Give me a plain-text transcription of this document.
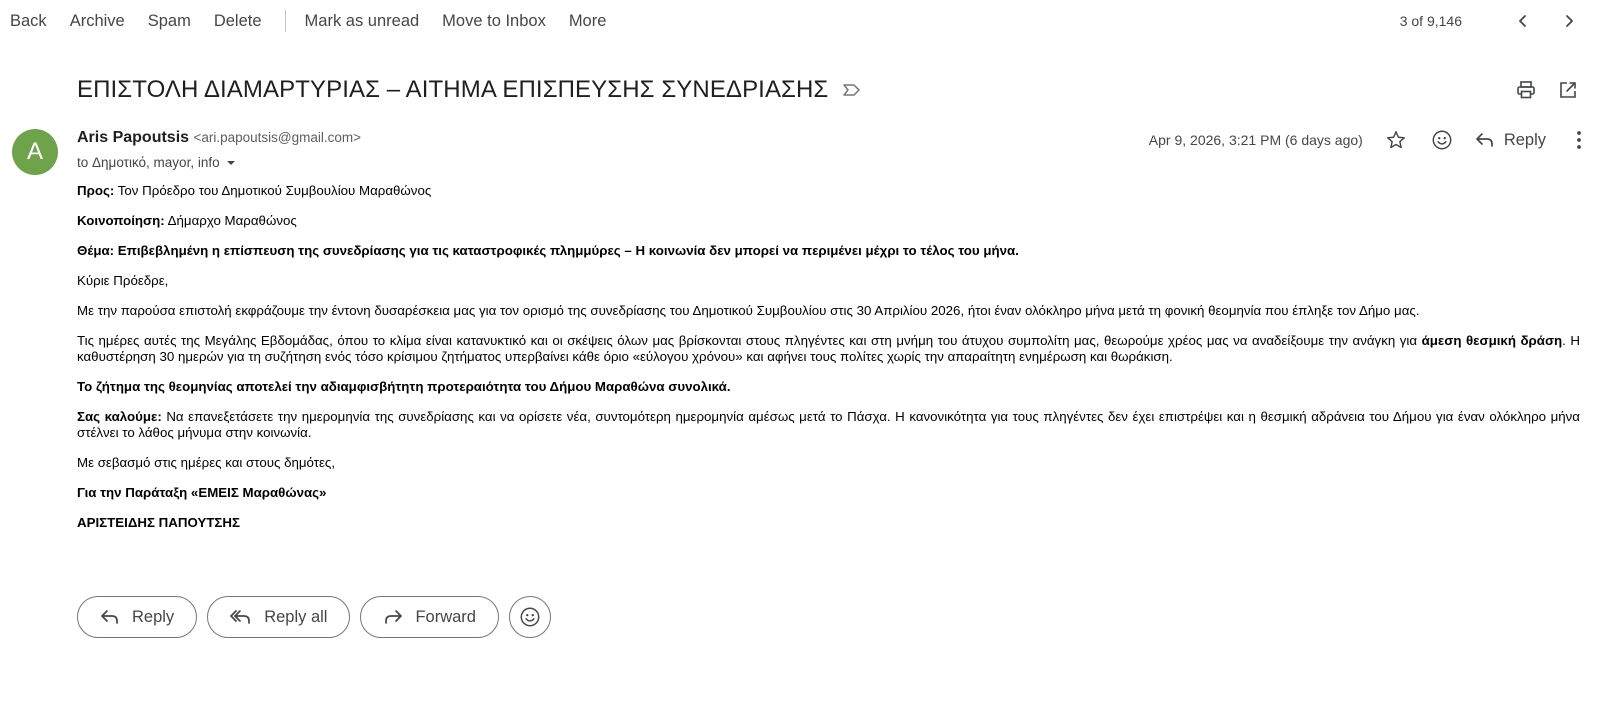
Back Archive Spam Delete	Mark as unread Move to Inbox More	3 of 9,146
ΕΠΙΣΤΟΛΗ ΔΙΑΜΑΡΤΥΡΙΑΣ – ΑΙΤΗΜΑ ΕΠΙΣΠΕΥΣΗΣ ΣΥΝΕΔΡΙΑΣΗΣ
A
Aris Papoutsis <ari.papoutsis@gmail.com>
to Δημοτικό, mayor, info
Apr 9, 2026, 3:21 PM (6 days ago)	Reply

Προς: Τον Πρόεδρο του Δημοτικού Συμβουλίου Μαραθώνος

Κοινοποίηση: Δήμαρχο Μαραθώνος

Θέμα: Επιβεβλημένη η επίσπευση της συνεδρίασης για τις καταστροφικές πλημμύρες – Η κοινωνία δεν μπορεί να περιμένει μέχρι το τέλος του μήνα.

Κύριε Πρόεδρε,

Με την παρούσα επιστολή εκφράζουμε την έντονη δυσαρέσκεια μας για τον ορισμό της συνεδρίασης του Δημοτικού Συμβουλίου στις 30 Απριλίου 2026, ήτοι έναν ολόκληρο μήνα μετά τη φονική θεομηνία που έπληξε τον Δήμο μας.

Τις ημέρες αυτές της Μεγάλης Εβδομάδας, όπου το κλίμα είναι κατανυκτικό και οι σκέψεις όλων μας βρίσκονται στους πληγέντες και στη μνήμη του άτυχου συμπολίτη μας, θεωρούμε χρέος μας να αναδείξουμε την ανάγκη για άμεση θεσμική δράση. Η καθυστέρηση 30 ημερών για τη συζήτηση ενός τόσο κρίσιμου ζητήματος υπερβαίνει κάθε όριο «εύλογου χρόνου» και αφήνει τους πολίτες χωρίς την απαραίτητη ενημέρωση και θωράκιση.

Το ζήτημα της θεομηνίας αποτελεί την αδιαμφισβήτητη προτεραιότητα του Δήμου Μαραθώνα συνολικά.

Σας καλούμε: Να επανεξετάσετε την ημερομηνία της συνεδρίασης και να ορίσετε νέα, συντομότερη ημερομηνία αμέσως μετά το Πάσχα. Η κανονικότητα για τους πληγέντες δεν έχει επιστρέψει και η θεσμική αδράνεια του Δήμου για έναν ολόκληρο μήνα στέλνει το λάθος μήνυμα στην κοινωνία.

Με σεβασμό στις ημέρες και στους δημότες,

Για την Παράταξη «ΕΜΕΙΣ Μαραθώνας»

ΑΡΙΣΤΕΙΔΗΣ ΠΑΠΟΥΤΣΗΣ

Reply	Reply all	Forward
